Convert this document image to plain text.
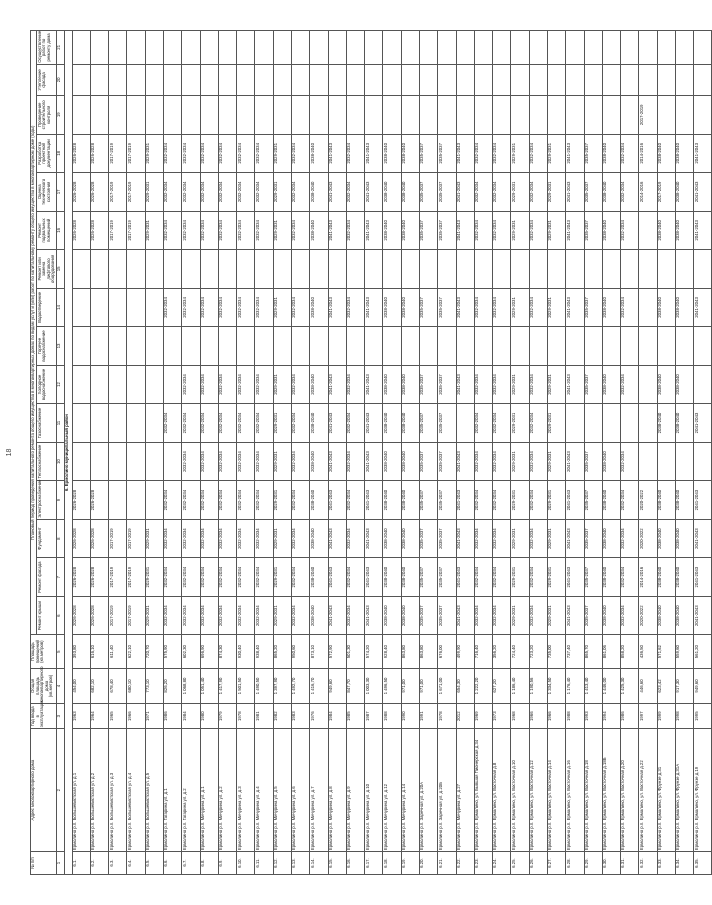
18
№ п/п	Адрес многоквартирного дома	Год ввода в эксплуатацию	Общая площадь многоквартирного дома (кв.метров)	Площадь помещений (кв.метров)	Плановый период проведения капитального ремонта общего имущества в многоквартирных домах по видам услуг и (или) работ по капитальному ремонту общего имущества в многоквартирном доме (годы)															
					Ремонт крыши	Ремонт фасада	Фундамент	Электроснабжение	Теплоснабжение	Газоснабжение	Холодное водоснабжение	Горячее водоснабжение	Водоотведение	Ремонт или замена лифтового оборудования	Ремонт подвальных помещений	Оценка технического состояния	Разработка проектной документации	Проведение строительного контроля	Утепление фасада	Осуществление работ по ремонту дома
1	2	3	4	5	6	7	8	9	10	11	12	13	14	15	16	17	18	19	20	21
6. Ермолино муниципальный район																				
6.1.	Ермолино р.п. Большевистская ул. д.1	1963	454,00	393,80	2026-2028	2026-2028	2026-2028	2026-2028							2026-2028	2026-2028	2026-2028			
6.2.	Ермолино р.п. Большевистская ул. д.2	1964	682,10	616,10	2026-2028	2026-2028	2026-2028	2026-2028							2026-2028	2026-2028	2026-2028			
6.3.	Ермолино р.п. Большевистская ул. д.3	1965	678,40	611,40	2017-2019	2017-2019	2017-2019								2017-2019	2017-2019	2017-2019			
6.4.	Ермолино р.п. Большевистская ул. д.4	1966	680,10	622,10	2017-2019	2017-2019	2017-2019								2017-2019	2017-2019	2017-2019			
6.5.	Ермолино р.п. Большевистская ул. д.5	1971	773,10	720,70	2029-2031	2029-2031	2029-2031								2029-2031	2029-2031	2029-2031			
6.6.	Ермолино р.п. Гагарина ул. д.1	1986	826,20	575,90	2032-2034	2032-2034	2032-2034	2032-2034		2032-2034			2032-2034		2032-2034	2032-2034	2032-2034			
6.7.	Ермолино р.п. Гагарина ул. д.2	1984	1 068,80	602,30	2032-2034	2032-2034	2032-2034	2032-2034	2032-2034	2032-2034	2032-2034		2032-2034		2032-2034	2032-2034	2032-2034			
6.8.	Ермолино р.п. Мичурина ул. д.1	1980	1 051,40	696,90	2032-2034	2032-2034	2032-2034	2032-2034	2032-2034	2032-2034	2032-2034		2032-2034		2032-2034	2032-2034	2032-2034			
6.9.	Ермолино р.п. Мичурина ул. д.2	1979	1 417,90	874,30	2032-2034	2032-2034	2032-2034	2032-2034	2032-2034	2032-2034	2032-2034		2032-2034		2032-2034	2032-2034	2032-2034			
6.10.	Ермолино р.п. Мичурина ул. д.3	1978	1 501,50	930,40	2032-2034	2032-2034	2032-2034	2032-2034	2032-2034	2032-2034	2032-2034		2032-2034		2032-2034	2032-2034	2032-2034			
6.11.	Ермолино р.п. Мичурина ул. д.4	1981	1 490,50	938,40	2032-2034	2032-2034	2032-2034	2032-2034	2032-2034	2032-2034	2032-2034		2032-2034		2032-2034	2032-2034	2032-2034			
6.12.	Ермолино р.п. Мичурина ул. д.5	1982	1 397,90	865,20	2029-2031	2029-2031	2029-2031	2029-2031	2029-2031	2029-2031	2029-2031		2029-2031		2029-2031	2029-2031	2029-2031			
6.13.	Ермолино р.п. Мичурина ул. д.6	1983	1 492,70	950,60	2032-2034	2032-2034	2032-2034	2032-2034	2032-2034	2032-2034	2032-2034		2032-2034		2032-2034	2032-2034	2032-2034			
6.14.	Ермолино р.п. Мичурина ул. д.7	1976	1 416,70	873,10	2038-2040	2038-2040	2038-2040	2038-2040	2038-2040	2038-2040	2038-2040		2038-2040		2038-2040	2038-2040	2038-2040			
6.15.	Ермолино р.п. Мичурина ул. д.8	1984	949,60	572,90	2041-2043	2041-2043	2041-2043	2041-2043	2041-2043	2041-2043	2041-2043		2041-2043		2041-2043	2041-2043	2041-2043			
6.16.	Ермолино р.п. Мичурина ул. д.9	1985	847,70	501,30	2032-2034	2032-2034	2032-2034	2032-2034	2032-2034	2032-2034	2032-2034		2032-2034		2032-2034	2032-2034	2032-2034			
6.17.	Ермолино р.п. Мичурина ул. д.10	1987	1 003,30	574,20	2041-2043	2041-2043	2041-2043	2041-2043	2041-2043	2041-2043	2041-2043		2041-2043		2041-2043	2041-2043	2041-2043			
6.18.	Ермолино р.п. Мичурина ул. д.12	1988	1 496,50	928,40	2038-2040	2038-2040	2038-2040	2038-2040	2038-2040	2038-2040	2038-2040		2038-2040		2038-2040	2038-2040	2038-2040			
6.19.	Ермолино р.п. Мичурина ул. д.14	1990	971,00	863,80	2038-2040	2038-2040	2038-2040	2038-2040	2038-2040	2038-2040	2038-2040		2038-2040		2038-2040	2038-2040	2038-2040			
6.20.	Ермолино р.п. Заречная ул. д.20А	1991	971,00	863,80	2035-2037	2035-2037	2035-2037	2035-2037	2035-2037	2035-2037	2035-2037		2035-2037		2035-2037	2035-2037	2035-2037			
6.21.	Ермолино р.п. Заречная ул. д.20Б	1978	1 671,00	676,00	2035-2037	2035-2037	2035-2037	2035-2037	2035-2037	2035-2037	2035-2037		2035-2037		2035-2037	2035-2037	2035-2037			
6.22.	Ермолино р.п. Мичурина ул. д.27	2012	654,30	499,90	2041-2043	2041-2043	2041-2043	2041-2043	2041-2043		2041-2043		2041-2043		2041-2043	2041-2043	2041-2043			
6.23.	Ермолино р.п. Ермолино, ул. Бывшая Пионерская д.34	1969	1 222,20	716,40	2032-2034	2032-2034	2032-2034	2032-2034	2032-2034	2032-2034	2032-2034		2032-2034		2032-2034	2032-2034	2032-2034			
6.24.	Ермолино р.п. Ермолино, ул. Восточная д.8	1973	627,20	356,20	2032-2034	2032-2034	2032-2034	2032-2034	2032-2034	2032-2034	2032-2034		2032-2034		2032-2034	2032-2034	2032-2034			
6.25.	Ермолино р.п. Ермолино, ул. Восточная д.10	1968	1 186,40	724,40	2029-2031	2029-2031	2029-2031	2029-2031	2029-2031	2029-2031	2029-2031		2029-2031		2029-2031	2029-2031	2029-2031			
6.26.	Ермолино р.п. Ермолино, ул. Восточная д.12	1966	1 190,56	723,20	2032-2034	2032-2034	2032-2034	2032-2034	2032-2034	2032-2034	2032-2034		2032-2034		2032-2034	2032-2034	2032-2034			
6.27.	Ермолино р.п. Ермолино, ул. Восточная д.14	1966	1 334,50	735,00	2029-2031	2029-2031	2029-2031	2029-2031	2029-2031	2029-2031	2029-2031		2029-2031		2029-2031	2029-2031	2029-2031			
6.28.	Ермолино р.п. Ермолино, ул. Восточная д.16	1988	1 176,40	737,40	2041-2043	2041-2043	2041-2043	2041-2043	2041-2043		2041-2043		2041-2043		2041-2043	2041-2043	2041-2043			
6.29.	Ермолино р.п. Ермолино, ул. Восточная д.18	1993	1 413,40	865,70	2035-2037	2035-2037	2035-2037	2035-2037	2035-2037		2035-2037		2035-2037		2035-2037	2035-2037	2035-2037			
6.30.	Ермолино р.п. Ермолино, ул. Восточная д.18Б	1994	1 446,00	861,06	2038-2040	2038-2040	2038-2040	2038-2040	2038-2040		2038-2040		2038-2040		2038-2040	2038-2040	2038-2040			
6.31.	Ермолино р.п. Ермолино, ул. Восточная д.20	1986	1 425,30	858,20	2032-2034	2032-2034	2032-2034	2032-2034	2032-2034		2032-2034		2032-2034		2032-2034	2032-2034	2032-2034			
6.32.	Ермолино р.п. Ермолино, ул. Восточная д.22	1997	446,60	436,50	2020-2022	2014-2016	2020-2022	2020-2022								2014-2016	2014-2016	2017-2019		
6.33.	Ермолино р.п. Ермолино, ул. Фрунзе д.31	1999	623,42	571,62	2038-2040	2038-2040	2038-2040	2038-2040		2038-2040	2038-2040		2038-2040		2038-2040	2017-2019	2038-2040			
6.34.	Ермолино р.п. Ермолино, ул. Фрунзе д.31А	1998	917,30	559,60	2038-2040	2038-2040	2038-2040	2038-2040		2038-2040	2038-2040		2038-2040		2038-2040	2038-2040	2038-2040			
6.35.	Ермолино р.п. Ермолино, ул. Фрунзе д.19	1995	949,60	561,20	2041-2043	2041-2043	2041-2043	2041-2043		2041-2043			2041-2043		2041-2043	2041-2043	2041-2043			
